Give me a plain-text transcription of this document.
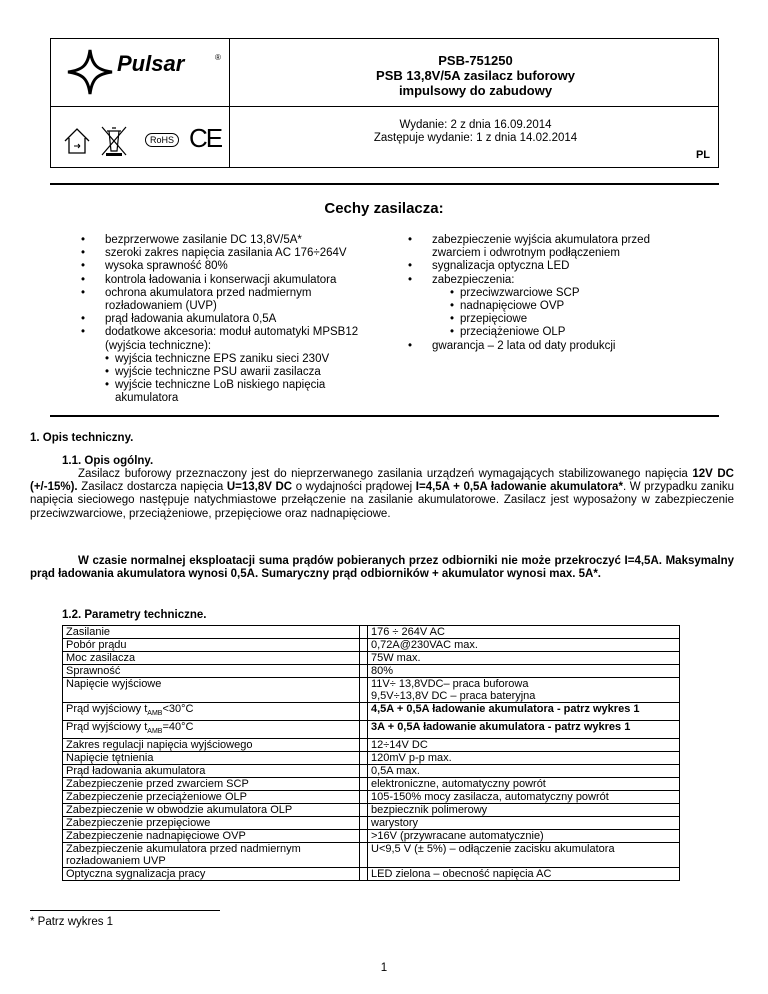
Pulsar	®
RoHS CE
PSB-751250
PSB 13,8V/5A zasilacz buforowy
impulsowy do zabudowy
Wydanie: 2 z dnia 16.09.2014
Zastępuje wydanie: 1 z dnia 14.02.2014
PL
Cechy zasilacza:
• bezprzerwowe zasilanie DC 13,8V/5A*
• szeroki zakres napięcia zasilania AC 176÷264V
• wysoka sprawność 80%
• kontrola ładowania i konserwacji akumulatora
• ochrona akumulatora przed nadmiernym rozładowaniem (UVP)
• prąd ładowania akumulatora 0,5A
• dodatkowe akcesoria: moduł automatyki MPSB12 (wyjścia techniczne):
• wyjścia techniczne EPS zaniku sieci 230V
• wyjście techniczne PSU awarii zasilacza
• wyjście techniczne LoB niskiego napięcia akumulatora
• zabezpieczenie wyjścia akumulatora przed zwarciem i odwrotnym podłączeniem
• sygnalizacja optyczna LED
• zabezpieczenia:
• przeciwzwarciowe SCP
• nadnapięciowe OVP
• przepięciowe
• przeciążeniowe OLP
• gwarancja – 2 lata od daty produkcji
1. Opis techniczny.
1.1. Opis ogólny.
Zasilacz buforowy przeznaczony jest do nieprzerwanego zasilania urządzeń wymagających stabilizowanego napięcia 12V DC (+/-15%). Zasilacz dostarcza napięcia U=13,8V DC o wydajności prądowej I=4,5A + 0,5A ładowanie akumulatora*. W przypadku zaniku napięcia sieciowego następuje natychmiastowe przełączenie na zasilanie akumulatorowe. Zasilacz jest wyposażony w zabezpieczenie przeciwzwarciowe, przeciążeniowe, przepięciowe oraz nadnapięciowe.
W czasie normalnej eksploatacji suma prądów pobieranych przez odbiorniki nie może przekroczyć I=4,5A. Maksymalny prąd ładowania akumulatora wynosi 0,5A. Sumaryczny prąd odbiorników + akumulator wynosi max. 5A*.
1.2. Parametry techniczne.
Zasilanie		176 ÷ 264V AC
Pobór prądu		0,72A@230VAC max.
Moc zasilacza		75W max.
Sprawność		80%
Napięcie wyjściowe		11V÷ 13,8VDC– praca buforowa
9,5V÷13,8V DC – praca bateryjna
Prąd wyjściowy $t_{AMB}<30^\circ C$		4,5A + 0,5A ładowanie akumulatora - patrz wykres 1
Prąd wyjściowy $t_{AMB}=40^\circ C$		3A + 0,5A ładowanie akumulatora - patrz wykres 1
Zakres regulacji napięcia wyjściowego		12÷14V DC
Napięcie tętnienia		120mV p-p max.
Prąd ładowania akumulatora		0,5A max.
Zabezpieczenie przed zwarciem SCP		elektroniczne, automatyczny powrót
Zabezpieczenie przeciążeniowe OLP		105-150% mocy zasilacza, automatyczny powrót
Zabezpieczenie w obwodzie akumulatora OLP		bezpiecznik polimerowy
Zabezpieczenie przepięciowe		warystory
Zabezpieczenie nadnapięciowe OVP		>16V (przywracane automatycznie)
Zabezpieczenie akumulatora przed nadmiernym rozładowaniem UVP		U<9,5 V (± 5%) – odłączenie zacisku akumulatora
Optyczna sygnalizacja pracy		LED zielona – obecność napięcia AC
* Patrz wykres 1
1
